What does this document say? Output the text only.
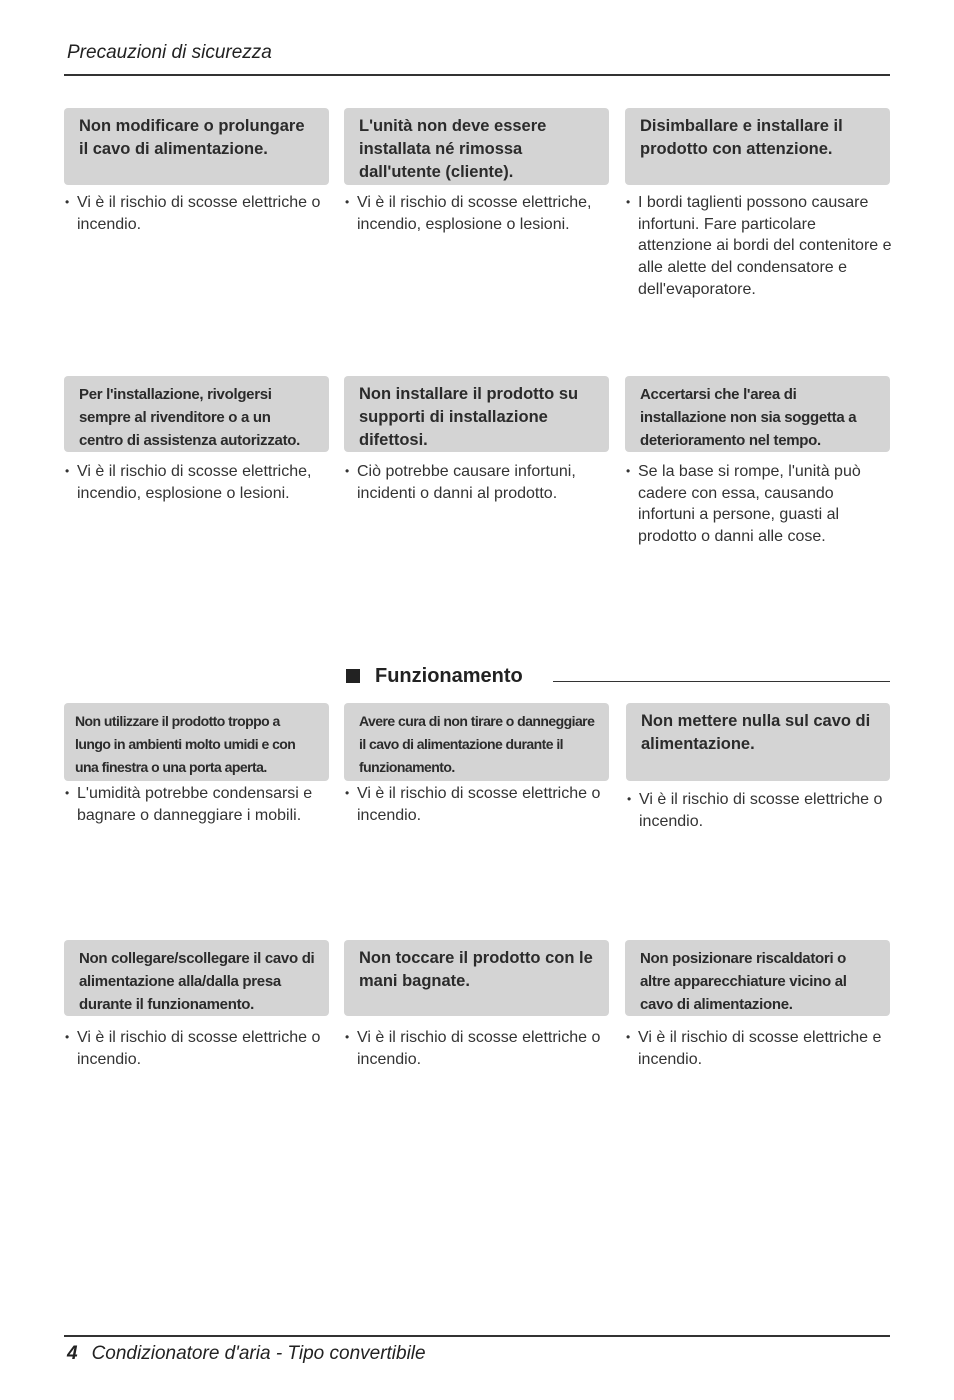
Precauzioni di sicurezza
Non modificare o prolungare il cavo di alimentazione.
• Vi è il rischio di scosse elettriche o incendio.
L'unità non deve essere installata né rimossa dall'utente (cliente).
• Vi è il rischio di scosse elettriche, incendio, esplosione o lesioni.
Disimballare e installare il prodotto con attenzione.
• I bordi taglienti possono causare infortuni. Fare particolare attenzione ai bordi del contenitore e alle alette del condensatore e dell'evaporatore.
Per l'installazione, rivolgersi sempre al rivenditore o a un centro di assistenza autorizzato.
• Vi è il rischio di scosse elettriche, incendio, esplosione o lesioni.
Non installare il prodotto su supporti di installazione difettosi.
• Ciò potrebbe causare infortuni, incidenti o danni al prodotto.
Accertarsi che l'area di installazione non sia soggetta a deterioramento nel tempo.
• Se la base si rompe, l'unità può cadere con essa, causando infortuni a persone, guasti al prodotto o danni alle cose.
Funzionamento
Non utilizzare il prodotto troppo a lungo in ambienti molto umidi e con una finestra o una porta aperta.
• L'umidità potrebbe condensarsi e bagnare o danneggiare i mobili.
Avere cura di non tirare o danneggiare il cavo di alimentazione durante il funzionamento.
• Vi è il rischio di scosse elettriche o incendio.
Non mettere nulla sul cavo di alimentazione.
• Vi è il rischio di scosse elettriche o incendio.
Non collegare/scollegare il cavo di alimentazione alla/dalla presa durante il funzionamento.
• Vi è il rischio di scosse elettriche o incendio.
Non toccare il prodotto con le mani bagnate.
• Vi è il rischio di scosse elettriche o incendio.
Non posizionare riscaldatori o altre apparecchiature vicino al cavo di alimentazione.
• Vi è il rischio di scosse elettriche e incendio.
4 Condizionatore d'aria - Tipo convertibile
